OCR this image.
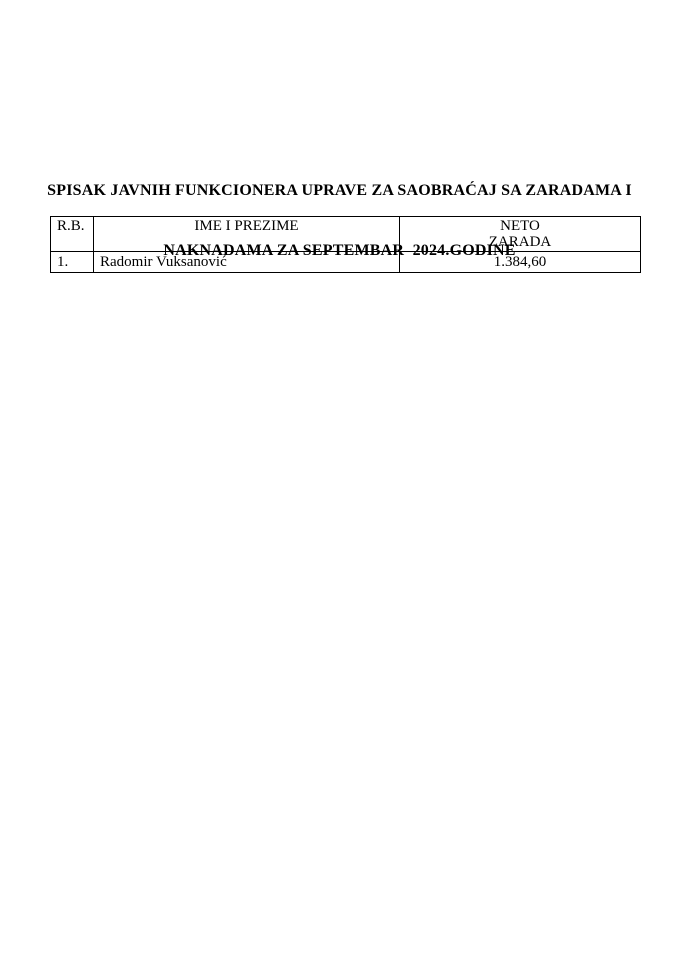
SPISAK JAVNIH FUNKCIONERA UPRAVE ZA SAOBRAĆAJ SA ZARADAMA I

NAKNADAMA ZA SEPTEMBAR  2024.GODINE

R.B.	IME I PREZIME	NETO
ZARADA
1.	Radomir Vuksanović	1.384,60
